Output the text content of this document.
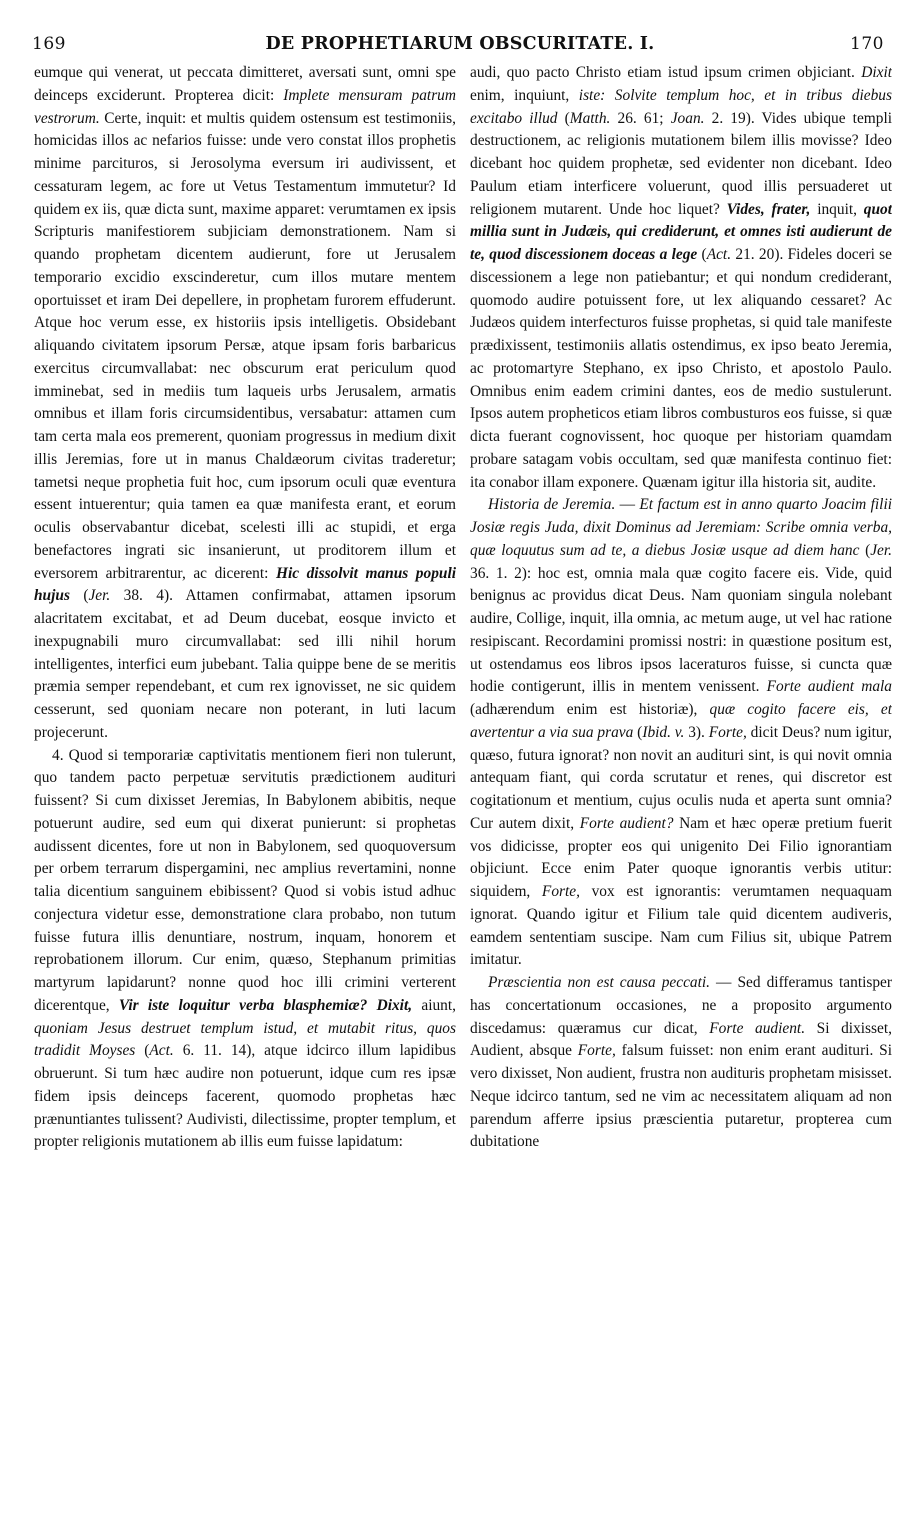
169	DE PROPHETIARUM OBSCURITATE. I.	170

eumque qui venerat, ut peccata dimitteret, aversati sunt, omni spe deinceps exciderunt. Propterea dicit: Implete mensuram patrum vestrorum. Certe, inquit: et multis quidem ostensum est testimoniis, homicidas illos ac nefarios fuisse: unde vero constat illos prophetis minime parcituros, si Jerosolyma eversum iri audivissent, et cessaturam legem, ac fore ut Vetus Testamentum immutetur? Id quidem ex iis, quæ dicta sunt, maxime apparet: verumtamen ex ipsis Scripturis manifestiorem subjiciam demonstrationem. Nam si quando prophetam dicentem audierunt, fore ut Jerusalem temporario excidio exscinderetur, cum illos mutare mentem oportuisset et iram Dei depellere, in prophetam furorem effuderunt. Atque hoc verum esse, ex historiis ipsis intelligetis. Obsidebant aliquando civitatem ipsorum Persæ, atque ipsam foris barbaricus exercitus circumvallabat: nec obscurum erat periculum quod imminebat, sed in mediis tum laqueis urbs Jerusalem, armatis omnibus et illam foris circumsidentibus, versabatur: attamen cum tam certa mala eos premerent, quoniam progressus in medium dixit illis Jeremias, fore ut in manus Chaldæorum civitas traderetur; tametsi neque prophetia fuit hoc, cum ipsorum oculi quæ eventura essent intuerentur; quia tamen ea quæ manifesta erant, et eorum oculis observabantur dicebat, scelesti illi ac stupidi, et erga benefactores ingrati sic insanierunt, ut proditorem illum et eversorem arbitrarentur, ac dicerent: Hic dissolvit manus populi hujus (Jer. 38. 4). Attamen confirmabat, attamen ipsorum alacritatem excitabat, et ad Deum ducebat, eosque invicto et inexpugnabili muro circumvallabat: sed illi nihil horum intelligentes, interfici eum jubebant. Talia quippe bene de se meritis præmia semper rependebant, et cum rex ignovisset, ne sic quidem cesserunt, sed quoniam necare non poterant, in luti lacum projecerunt.

4. Quod si temporariæ captivitatis mentionem fieri non tulerunt, quo tandem pacto perpetuæ servitutis prædictionem audituri fuissent? Si cum dixisset Jeremias, In Babylonem abibitis, neque potuerunt audire, sed eum qui dixerat punierunt: si prophetas audissent dicentes, fore ut non in Babylonem, sed quoquoversum per orbem terrarum dispergamini, nec amplius revertamini, nonne talia dicentium sanguinem ebibissent? Quod si vobis istud adhuc conjectura videtur esse, demonstratione clara probabo, non tutum fuisse futura illis denuntiare, nostrum, inquam, honorem et reprobationem illorum. Cur enim, quæso, Stephanum primitias martyrum lapidarunt? nonne quod hoc illi crimini verterent dicerentque, Vir iste loquitur verba blasphemiæ? Dixit, aiunt, quoniam Jesus destruet templum istud, et mutabit ritus, quos tradidit Moyses (Act. 6. 11. 14), atque idcirco illum lapidibus obruerunt. Si tum hæc audire non potuerunt, idque cum res ipsæ fidem ipsis deinceps facerent, quomodo prophetas hæc prænuntiantes tulissent? Audivisti, dilectissime, propter templum, et propter religionis mutationem ab illis eum fuisse lapidatum:

audi, quo pacto Christo etiam istud ipsum crimen objiciant. Dixit enim, inquiunt, iste: Solvite templum hoc, et in tribus diebus excitabo illud (Matth. 26. 61; Joan. 2. 19). Vides ubique templi destructionem, ac religionis mutationem bilem illis movisse? Ideo dicebant hoc quidem prophetæ, sed evidenter non dicebant. Ideo Paulum etiam interficere voluerunt, quod illis persuaderet ut religionem mutarent. Unde hoc liquet? Vides, frater, inquit, quot millia sunt in Judæis, qui crediderunt, et omnes isti audierunt de te, quod discessionem doceas a lege (Act. 21. 20). Fideles doceri se discessionem a lege non patiebantur; et qui nondum crediderant, quomodo audire potuissent fore, ut lex aliquando cessaret? Ac Judæos quidem interfecturos fuisse prophetas, si quid tale manifeste prædixissent, testimoniis allatis ostendimus, ex ipso beato Jeremia, ac protomartyre Stephano, ex ipso Christo, et apostolo Paulo. Omnibus enim eadem crimini dantes, eos de medio sustulerunt. Ipsos autem propheticos etiam libros combusturos eos fuisse, si quæ dicta fuerant cognovissent, hoc quoque per historiam quamdam probare satagam vobis occultam, sed quæ manifesta continuo fiet: ita conabor illam exponere. Quænam igitur illa historia sit, audite.

Historia de Jeremia. — Et factum est in anno quarto Joacim filii Josiæ regis Juda, dixit Dominus ad Jeremiam: Scribe omnia verba, quæ loquutus sum ad te, a diebus Josiæ usque ad diem hanc (Jer. 36. 1. 2): hoc est, omnia mala quæ cogito facere eis. Vide, quid benignus ac providus dicat Deus. Nam quoniam singula nolebant audire, Collige, inquit, illa omnia, ac metum auge, ut vel hac ratione resipiscant. Recordamini promissi nostri: in quæstione positum est, ut ostendamus eos libros ipsos laceraturos fuisse, si cuncta quæ hodie contigerunt, illis in mentem venissent. Forte audient mala (adhærendum enim est historiæ), quæ cogito facere eis, et avertentur a via sua prava (Ibid. v. 3). Forte, dicit Deus? num igitur, quæso, futura ignorat? non novit an audituri sint, is qui novit omnia antequam fiant, qui corda scrutatur et renes, qui discretor est cogitationum et mentium, cujus oculis nuda et aperta sunt omnia? Cur autem dixit, Forte audient? Nam et hæc operæ pretium fuerit vos didicisse, propter eos qui unigenito Dei Filio ignorantiam objiciunt. Ecce enim Pater quoque ignorantis verbis utitur: siquidem, Forte, vox est ignorantis: verumtamen nequaquam ignorat. Quando igitur et Filium tale quid dicentem audiveris, eamdem sententiam suscipe. Nam cum Filius sit, ubique Patrem imitatur.

Præscientia non est causa peccati. — Sed differamus tantisper has concertationum occasiones, ne a proposito argumento discedamus: quæramus cur dicat, Forte audient. Si dixisset, Audient, absque Forte, falsum fuisset: non enim erant audituri. Si vero dixisset, Non audient, frustra non audituris prophetam misisset. Neque idcirco tantum, sed ne vim ac necessitatem aliquam ad non parendum afferre ipsius præscientia putaretur, propterea cum dubitatione
